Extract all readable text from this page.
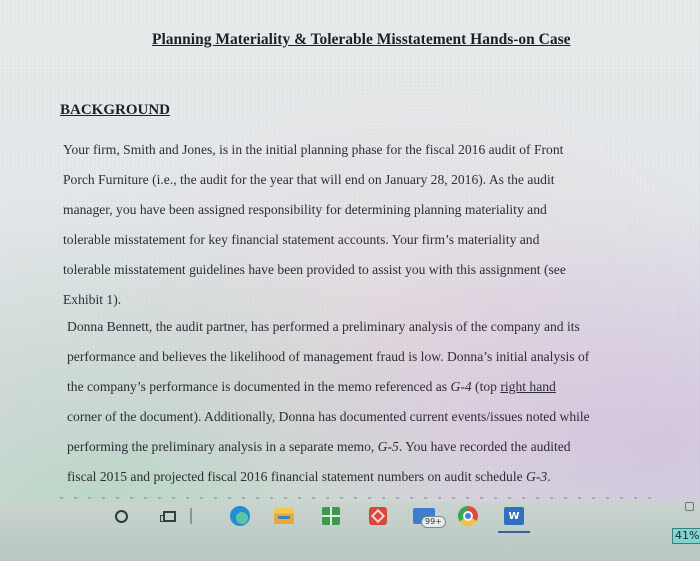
Planning Materiality & Tolerable Misstatement Hands-on Case
BACKGROUND
Your firm, Smith and Jones, is in the initial planning phase for the fiscal 2016 audit of Front
Porch Furniture (i.e., the audit for the year that will end on January 28, 2016). As the audit
manager, you have been assigned responsibility for determining planning materiality and
tolerable misstatement for key financial statement accounts. Your firm’s materiality and
tolerable misstatement guidelines have been provided to assist you with this assignment (see
Exhibit 1).
Donna Bennett, the audit partner, has performed a preliminary analysis of the company and its
performance and believes the likelihood of management fraud is low. Donna’s initial analysis of
the company’s performance is documented in the memo referenced as G-4 (top right hand
corner of the document). Additionally, Donna has documented current events/issues noted while
performing the preliminary analysis in a separate memo, G-5. You have recorded the audited
fiscal 2015 and projected fiscal 2016 financial statement numbers on audit schedule G-3.
99+	W
41%
